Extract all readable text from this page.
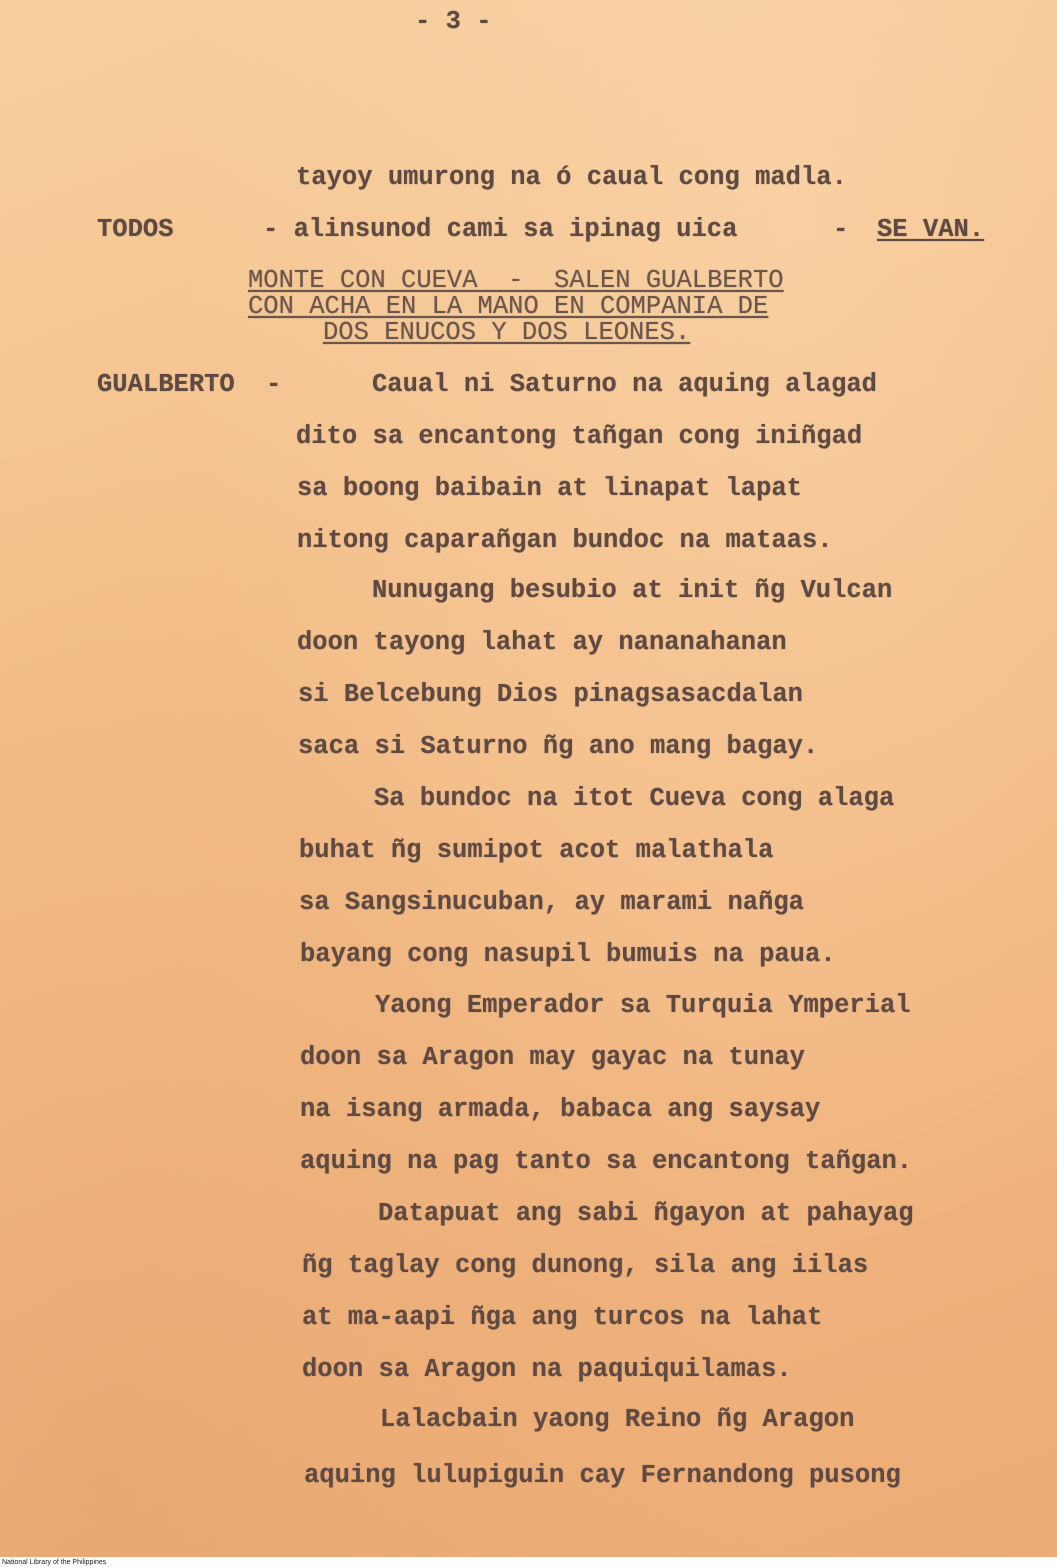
- 3 -
tayoy umurong na ó caual cong madla.
TODOS	- alinsunod cami sa ipinag uica	- SE VAN.
MONTE CON CUEVA  -  SALEN GUALBERTO
CON ACHA EN LA MANO EN COMPANIA DE
DOS ENUCOS Y DOS LEONES.
GUALBERTO -	Caual ni Saturno na aquing alagad
dito sa encantong tañgan cong iniñgad
sa boong baibain at linapat lapat
nitong caparañgan bundoc na mataas.
Nunugang besubio at init ñg Vulcan
doon tayong lahat ay nananahanan
si Belcebung Dios pinagsasacdalan
saca si Saturno ñg ano mang bagay.
Sa bundoc na itot Cueva cong alaga
buhat ñg sumipot acot malathala
sa Sangsinucuban, ay marami nañga
bayang cong nasupil bumuis na paua.
Yaong Emperador sa Turquia Ymperial
doon sa Aragon may gayac na tunay
na isang armada, babaca ang saysay
aquing na pag tanto sa encantong tañgan.
Datapuat ang sabi ñgayon at pahayag
ñg taglay cong dunong, sila ang iilas
at ma-aapi ñga ang turcos na lahat
doon sa Aragon na paquiquilamas.
Lalacbain yaong Reino ñg Aragon
aquing lulupiguin cay Fernandong pusong
National Library of the Philippines
